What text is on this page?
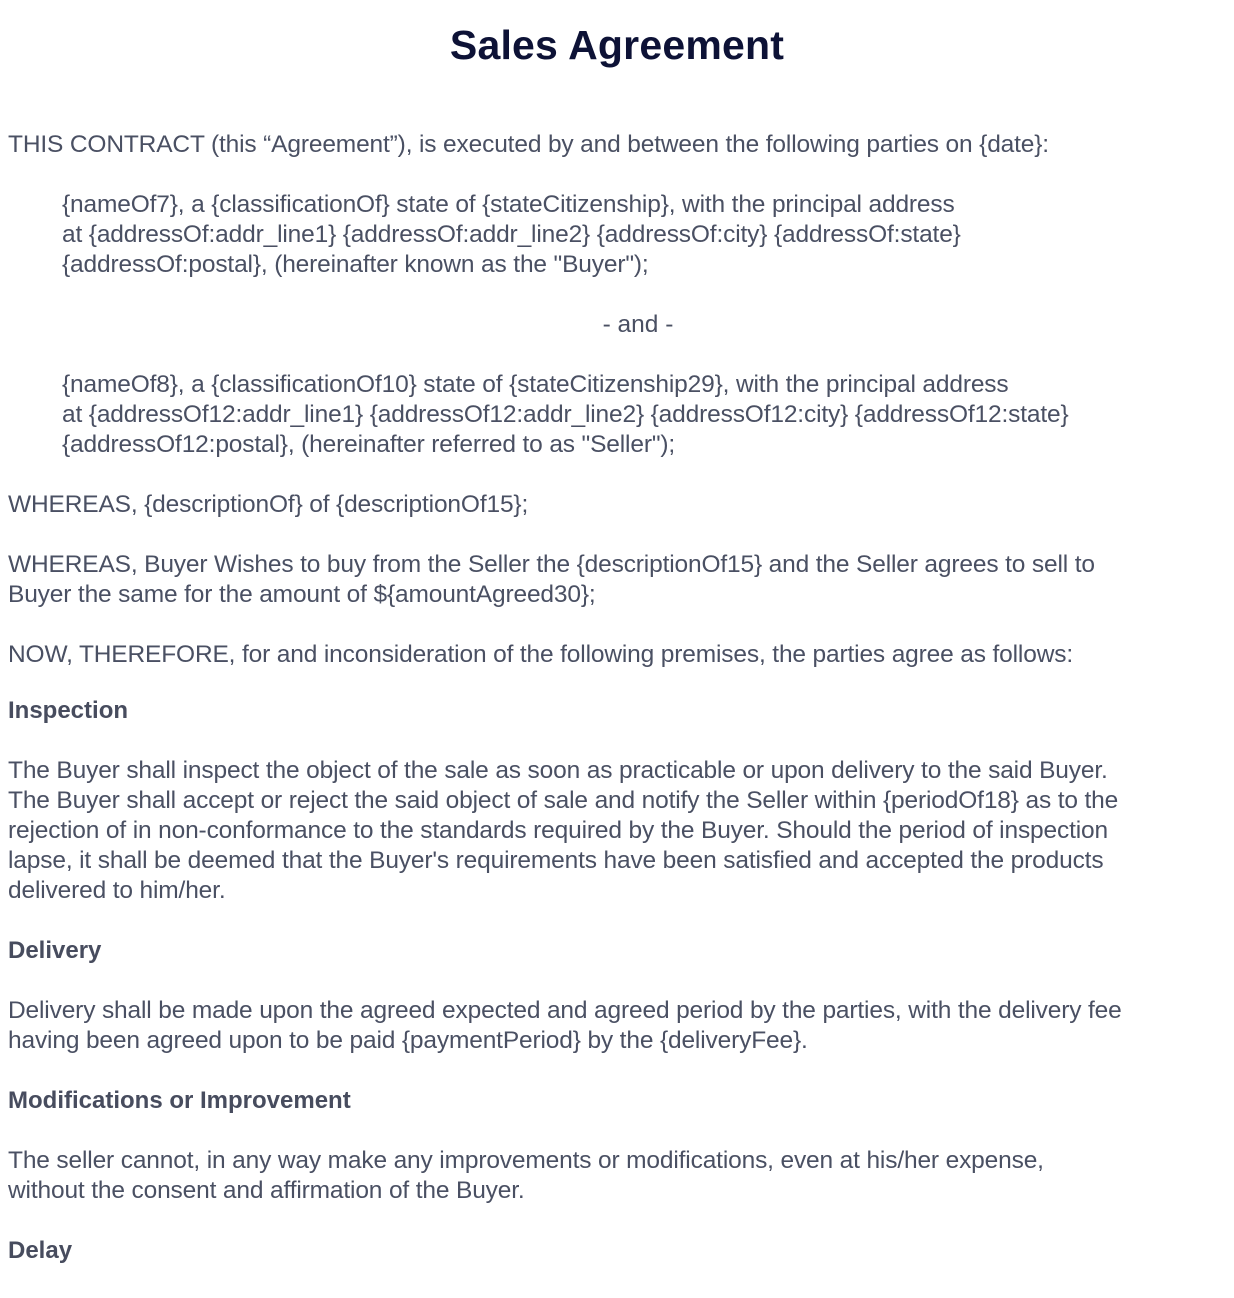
Sales Agreement
THIS CONTRACT (this “Agreement”), is executed by and between the following parties on {date}:
{nameOf7}, a {classificationOf} state of {stateCitizenship}, with the principal address
at {addressOf:addr_line1} {addressOf:addr_line2} {addressOf:city} {addressOf:state}
{addressOf:postal}, (hereinafter known as the "Buyer");
- and -
{nameOf8}, a {classificationOf10} state of {stateCitizenship29}, with the principal address
at {addressOf12:addr_line1} {addressOf12:addr_line2} {addressOf12:city} {addressOf12:state}
{addressOf12:postal}, (hereinafter referred to as "Seller");
WHEREAS, {descriptionOf} of {descriptionOf15};
WHEREAS, Buyer Wishes to buy from the Seller the {descriptionOf15} and the Seller agrees to sell to
Buyer the same for the amount of ${amountAgreed30};
NOW, THEREFORE, for and inconsideration of the following premises, the parties agree as follows:
Inspection
The Buyer shall inspect the object of the sale as soon as practicable or upon delivery to the said Buyer.
The Buyer shall accept or reject the said object of sale and notify the Seller within {periodOf18} as to the
rejection of in non-conformance to the standards required by the Buyer. Should the period of inspection
lapse, it shall be deemed that the Buyer's requirements have been satisfied and accepted the products
delivered to him/her.
Delivery
Delivery shall be made upon the agreed expected and agreed period by the parties, with the delivery fee
having been agreed upon to be paid {paymentPeriod} by the {deliveryFee}.
Modifications or Improvement
The seller cannot, in any way make any improvements or modifications, even at his/her expense,
without the consent and affirmation of the Buyer.
Delay
